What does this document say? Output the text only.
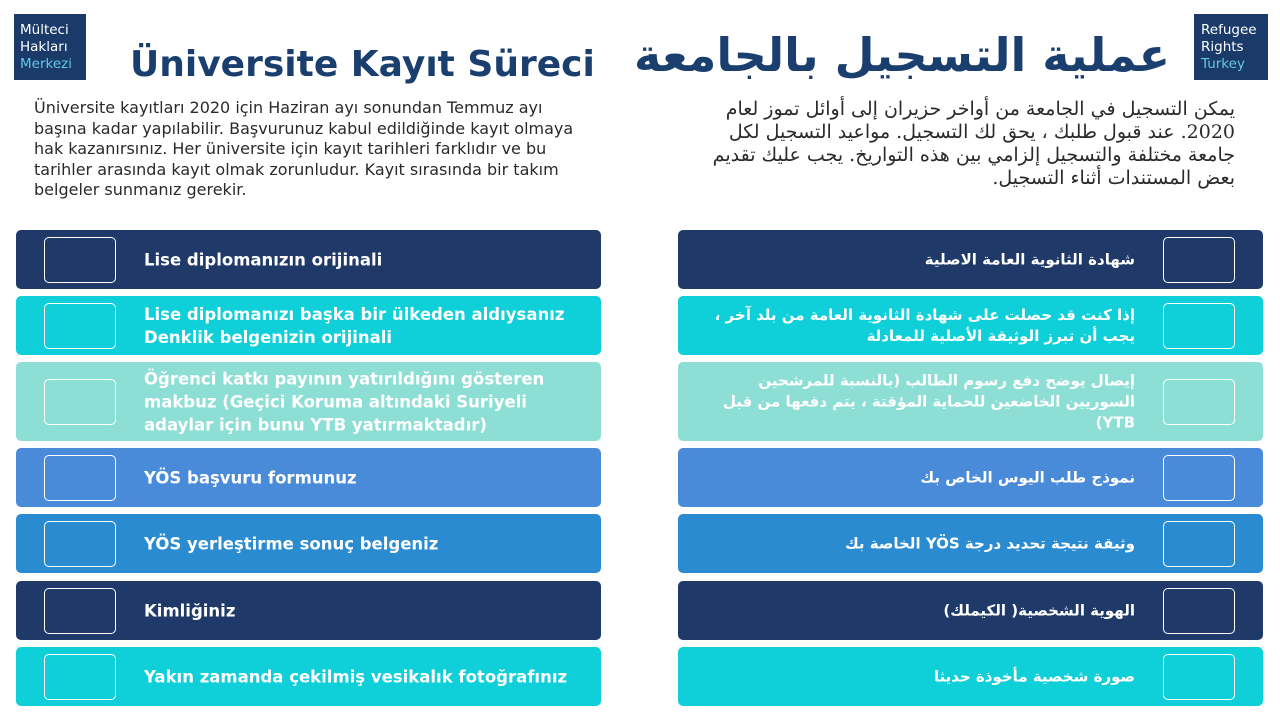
Mülteci
Hakları
Merkezi
Refugee
Rights
Turkey
Üniversite Kayıt Süreci عملية التسجيل بالجامعة
Üniversite kayıtları 2020 için Haziran ayı sonundan Temmuz ayı başına kadar yapılabilir. Başvurunuz kabul edildiğinde kayıt olmaya hak kazanırsınız. Her üniversite için kayıt tarihleri farklıdır ve bu tarihler arasında kayıt olmak zorunludur. Kayıt sırasında bir takım belgeler sunmanız gerekir.
يمكن التسجيل في الجامعة من أواخر حزيران إلى أوائل تموز لعام 2020. عند قبول طلبك ، يحق لك التسجيل. مواعيد التسجيل لكل جامعة مختلفة والتسجيل إلزامي بين هذه التواريخ. يجب عليك تقديم بعض المستندات أثناء التسجيل.
Lise diplomanızın orijinali
Lise diplomanızı başka bir ülkeden aldıysanız Denklik belgenizin orijinali
Öğrenci katkı payının yatırıldığını gösteren makbuz (Geçici Koruma altındaki Suriyeli adaylar için bunu YTB yatırmaktadır)
YÖS başvuru formunuz
YÖS yerleştirme sonuç belgeniz
Kimliğiniz
Yakın zamanda çekilmiş vesikalık fotoğrafınız
شهادة الثانوية العامة الاصلية
إذا كنت قد حصلت على شهادة الثانوية العامة من بلد آخر ، يجب أن تبرز الوثيقة الأصلية للمعادلة
إيصال يوضح دفع رسوم الطالب (بالنسبة للمرشحين السوريين الخاضعين للحماية المؤقتة ، يتم دفعها من قبل YTB)
نموذج طلب اليوس الخاص بك
وثيقة نتيجة تحديد درجة YÖS الخاصة بك
الهوية الشخصية( الكيملك)
صورة شخصية مأخوذة حديثا
